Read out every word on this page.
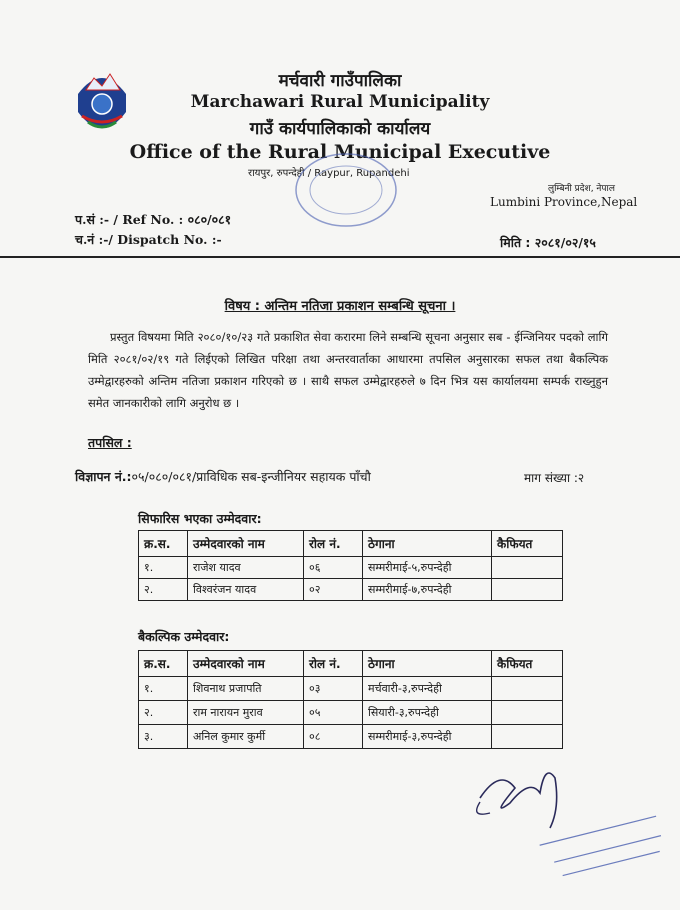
मर्चवारी गाउँपालिका
Marchawari Rural Municipality
गाउँ कार्यपालिकाको कार्यालय
Office of the Rural Municipal Executive
रायपुर, रुपन्देही / Raypur, Rupandehi
लुम्बिनी प्रदेश, नेपाल
Lumbini Province,Nepal
प.सं :- / Ref No. : ०८०/०८१
च.नं :-/ Dispatch No. :-	मिति : २०८१/०२/१५
विषय : अन्तिम नतिजा प्रकाशन सम्बन्धि सूचना ।

प्रस्तुत विषयमा मिति २०८०/१०/२३ गते प्रकाशित सेवा करारमा लिने सम्बन्धि सूचना अनुसार सब - ईन्जिनियर पदको लागि मिति २०८१/०२/१९ गते लिईएको लिखित परिक्षा तथा अन्तरवार्ताका आधारमा तपसिल अनुसारका सफल तथा बैकल्पिक उम्मेद्वारहरुको अन्तिम नतिजा प्रकाशन गरिएको छ । साथै सफल उम्मेद्वारहरुले ७ दिन भित्र यस कार्यालयमा सम्पर्क राख्नुहुन समेत जानकारीको लागि अनुरोध छ ।

तपसिल :
विज्ञापन नं.:०५/०८०/०८१/प्राविधिक सब-इन्जीनियर सहायक पाँचौ	माग संख्या :२
सिफारिस भएका उम्मेदवार:
क्र.स.	उम्मेदवारको नाम	रोल नं.	ठेगाना	कैफियत
१.	राजेश यादव	०६	सम्मरीमाई-५,रुपन्देही	
२.	विश्वरंजन यादव	०२	सम्मरीमाई-७,रुपन्देही	
बैकल्पिक उम्मेदवार:
क्र.स.	उम्मेदवारको नाम	रोल नं.	ठेगाना	कैफियत
१.	शिवनाथ प्रजापति	०३	मर्चवारी-३,रुपन्देही	
२.	राम नारायन मुराव	०५	सियारी-३,रुपन्देही	
३.	अनिल कुमार कुर्मी	०८	सम्मरीमाई-३,रुपन्देही	
